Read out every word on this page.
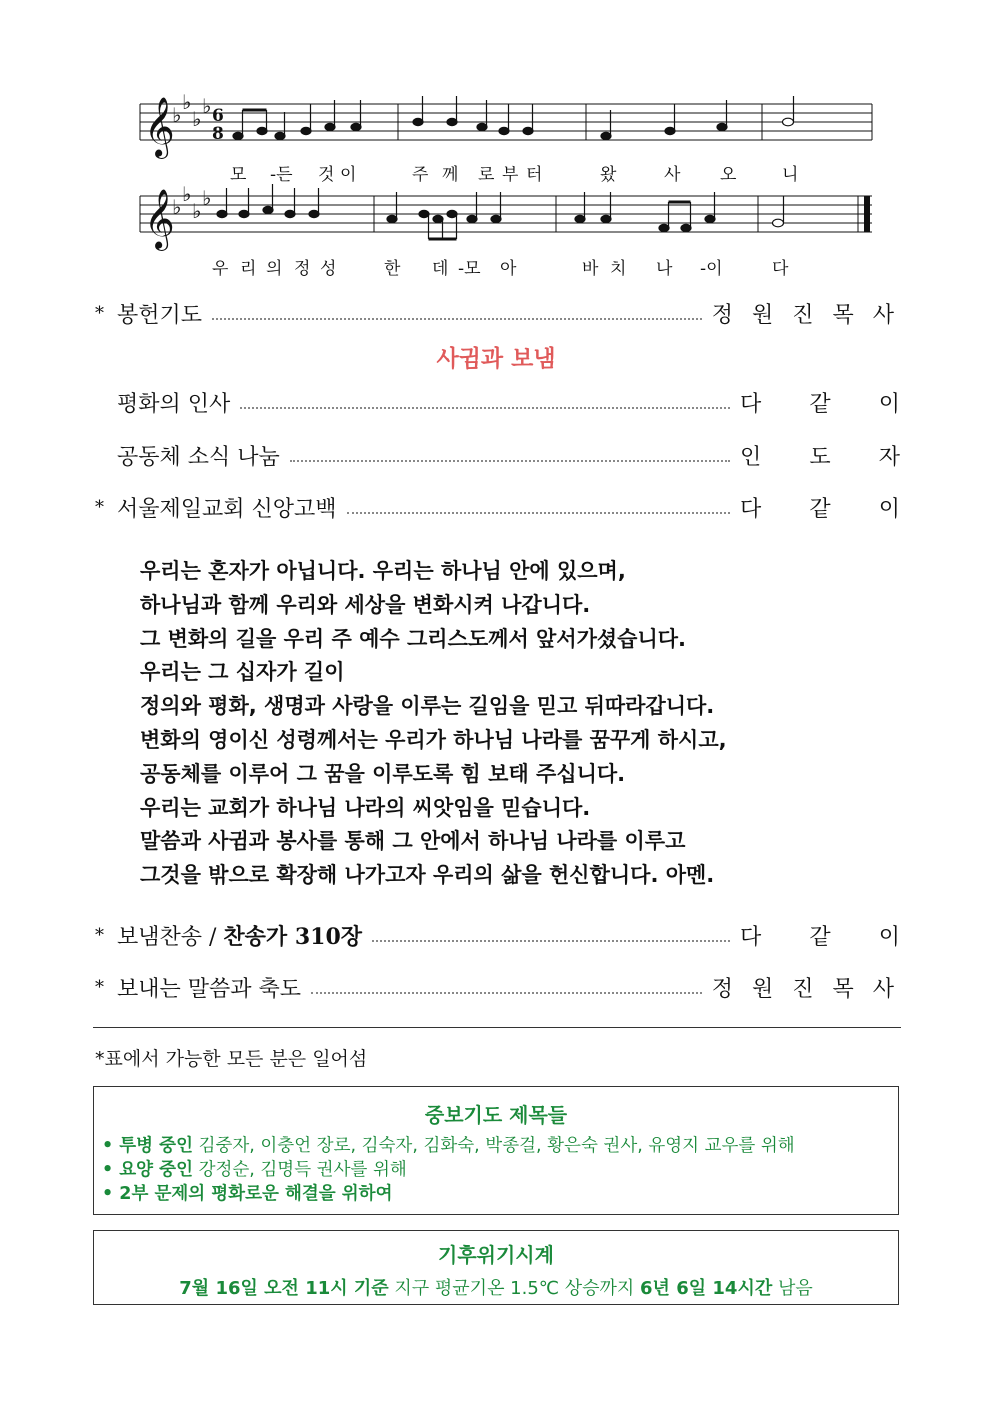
𝄞
♭
♭
♭
♭ 6
8
모 -든 것 이	주 께 로 부 터	왔	사 오	니
𝄞
♭
♭
♭
♭
우 리 의 정 성	한 데 -모 아	바 치 나 -이	다
* 봉헌기도	정 원 진 목 사
사귐과 보냄
평화의 인사	다 같 이
공동체 소식 나눔	인 도 자
* 서울제일교회 신앙고백	다 같 이
우리는 혼자가 아닙니다. 우리는 하나님 안에 있으며,
하나님과 함께 우리와 세상을 변화시켜 나갑니다.
그 변화의 길을 우리 주 예수 그리스도께서 앞서가셨습니다.
우리는 그 십자가 길이
정의와 평화, 생명과 사랑을 이루는 길임을 믿고 뒤따라갑니다.
변화의 영이신 성령께서는 우리가 하나님 나라를 꿈꾸게 하시고,
공동체를 이루어 그 꿈을 이루도록 힘 보태 주십니다.
우리는 교회가 하나님 나라의 씨앗임을 믿습니다.
말씀과 사귐과 봉사를 통해 그 안에서 하나님 나라를 이루고
그것을 밖으로 확장해 나가고자 우리의 삶을 헌신합니다. 아멘.
* 보냄찬송 / 찬송가 310장	다 같 이
* 보내는 말씀과 축도	정 원 진 목 사
*표에서 가능한 모든 분은 일어섬
중보기도 제목들
• 투병 중인 김중자, 이충언 장로, 김숙자, 김화숙, 박종걸, 황은숙 권사, 유영지 교우를 위해
• 요양 중인 강정순, 김명득 권사를 위해
• 2부 문제의 평화로운 해결을 위하여
기후위기시계
7월 16일 오전 11시 기준 지구 평균기온 1.5℃ 상승까지 6년 6일 14시간 남음
